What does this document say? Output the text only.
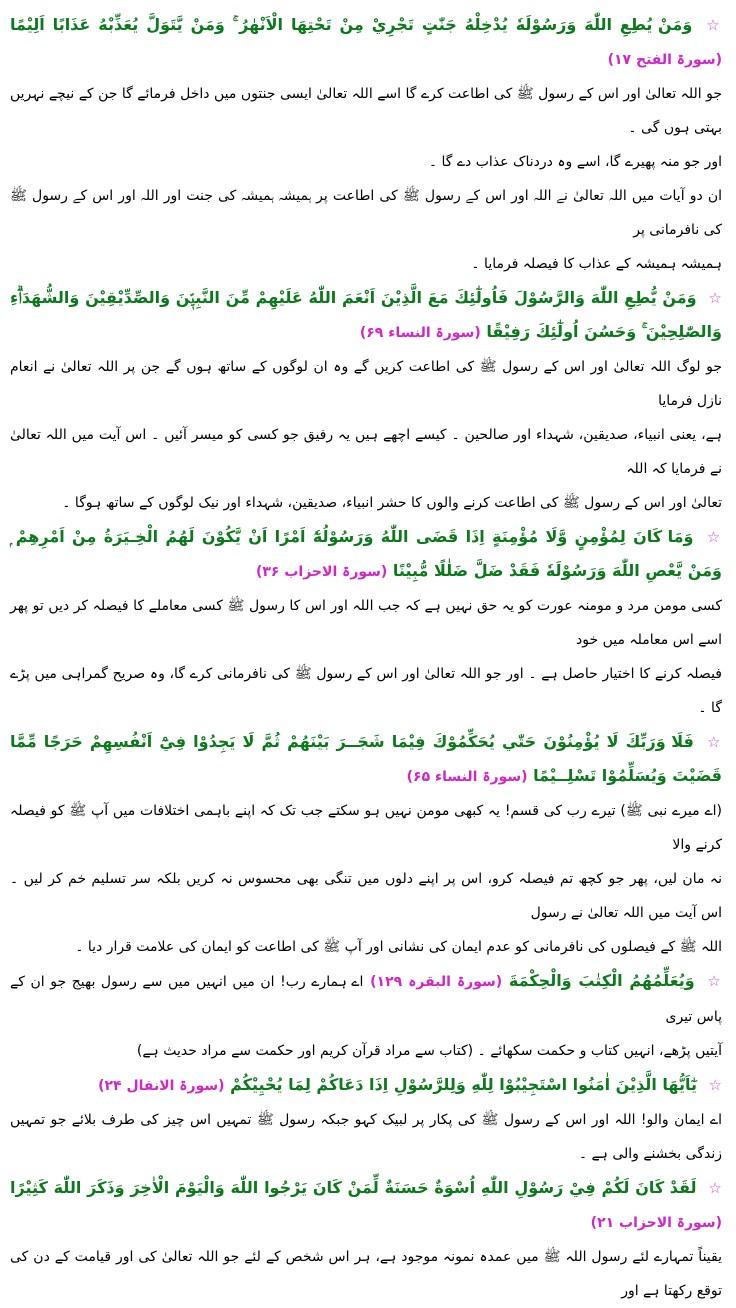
☆ وَمَنْ يُطِعِ اللّٰهَ وَرَسُوْلَهٗ يُدْخِلْهُ جَنّٰتٍ تَجْرِيْ مِنْ تَحْتِهَا الْاَنْهٰرُ ۚ وَمَنْ يَّتَوَلَّ يُعَذِّبْهُ عَذَابًا اَلِيْمًا (سورۃ الفتح ۱۷)

جو اللہ تعالیٰ اور اس کے رسول ﷺ کی اطاعت کرے گا اسے اللہ تعالیٰ ایسی جنتوں میں داخل فرمائے گا جن کے نیچے نہریں بہتی ہوں گی ۔

اور جو منہ پھیرے گا، اسے وہ دردناک عذاب دے گا ۔

ان دو آیات میں اللہ تعالیٰ نے اللہ اور اس کے رسول ﷺ کی اطاعت پر ہمیشہ ہمیشہ کی جنت اور اللہ اور اس کے رسول ﷺ کی نافرمانی پر

ہمیشہ ہمیشہ کے عذاب کا فیصلہ فرمایا ۔

☆ وَمَنْ يُّطِعِ اللّٰهَ وَالرَّسُوْلَ فَاُولٰٓئِكَ مَعَ الَّذِيْنَ اَنْعَمَ اللّٰهُ عَلَيْهِمْ مِّنَ النَّبِيّٖنَ وَالصِّدِّيْقِيْنَ وَالشُّهَدَاۗءِ وَالصّٰلِحِيْنَ ۚ وَحَسُنَ اُولٰٓئِكَ رَفِيْقًا (سورۃ النساء ۶۹)

جو لوگ اللہ تعالیٰ اور اس کے رسول ﷺ کی اطاعت کریں گے وہ ان لوگوں کے ساتھ ہوں گے جن پر اللہ تعالیٰ نے انعام نازل فرمایا

ہے، یعنی انبیاء، صدیقین، شہداء اور صالحین ۔ کیسے اچھے ہیں یہ رفیق جو کسی کو میسر آئیں ۔ اس آیت میں اللہ تعالیٰ نے فرمایا کہ اللہ

تعالیٰ اور اس کے رسول ﷺ کی اطاعت کرنے والوں کا حشر انبیاء، صدیقین، شہداء اور نیک لوگوں کے ساتھ ہوگا ۔

☆ وَمَا كَانَ لِمُؤْمِنٍ وَّلَا مُؤْمِنَةٍ اِذَا قَضَى اللّٰهُ وَرَسُوْلُهٗٓ اَمْرًا اَنْ يَّكُوْنَ لَهُمُ الْخِـيَرَةُ مِنْ اَمْرِهِمْ ۭ وَمَنْ يَّعْصِ اللّٰهَ وَرَسُوْلَهٗ فَقَدْ ضَلَّ ضَلٰلًا مُّبِيْنًا (سورۃ الاحزاب ۳۶)

کسی مومن مرد و مومنہ عورت کو یہ حق نہیں ہے کہ جب اللہ اور اس کا رسول ﷺ کسی معاملے کا فیصلہ کر دیں تو پھر اسے اس معاملہ میں خود

فیصلہ کرنے کا اختیار حاصل ہے ۔ اور جو اللہ تعالیٰ اور اس کے رسول ﷺ کی نافرمانی کرے گا، وہ صریح گمراہی میں پڑے گا ۔

☆ فَلَا وَرَبِّكَ لَا يُؤْمِنُوْنَ حَتّٰي يُحَكِّمُوْكَ فِيْمَا شَجَــرَ بَيْنَھُمْ ثُمَّ لَا يَجِدُوْا فِيْٓ اَنْفُسِهِمْ حَرَجًا مِّمَّا قَضَيْتَ وَيُسَلِّمُوْا تَسْلِــيْمًا (سورۃ النساء ۶۵)

(اے میرے نبی ﷺ) تیرے رب کی قسم! یہ کبھی مومن نہیں ہو سکتے جب تک کہ اپنے باہمی اختلافات میں آپ ﷺ کو فیصلہ کرنے والا

نہ مان لیں، پھر جو کچھ تم فیصلہ کرو، اس پر اپنے دلوں میں تنگی بھی محسوس نہ کریں بلکہ سر تسلیم خم کر لیں ۔ اس آیت میں اللہ تعالیٰ نے رسول

اللہ ﷺ کے فیصلوں کی نافرمانی کو عدم ایمان کی نشانی اور آپ ﷺ کی اطاعت کو ایمان کی علامت قرار دیا ۔

☆ وَيُعَلِّمُهُمُ الْكِتٰبَ وَالْحِكْمَةَ (سورۃ البقرہ ۱۲۹) اے ہمارے رب! ان میں انہیں میں سے رسول بھیج جو ان کے پاس تیری

آیتیں پڑھے، انہیں کتاب و حکمت سکھائے ۔ (کتاب سے مراد قرآن کریم اور حکمت سے مراد حدیث ہے)

☆ يٰٓاَيُّهَا الَّذِيْنَ اٰمَنُوا اسْتَجِيْبُوْا لِلّٰهِ وَلِلرَّسُوْلِ اِذَا دَعَاكُمْ لِمَا يُحْيِيْكُمْ (سورۃ الانفال ۲۴)

اے ایمان والو! اللہ اور اس کے رسول ﷺ کی پکار پر لبیک کہو جبکہ رسول ﷺ تمہیں اس چیز کی طرف بلائے جو تمہیں زندگی بخشنے والی ہے ۔

☆ لَقَدْ كَانَ لَكُمْ فِيْ رَسُوْلِ اللّٰهِ اُسْوَةٌ حَسَنَةٌ لِّمَنْ كَانَ يَرْجُوا اللّٰهَ وَالْيَوْمَ الْاٰخِرَ وَذَكَرَ اللّٰهَ كَثِيْرًا (سورۃ الاحزاب ۲۱)

یقیناً تمہارے لئے رسول اللہ ﷺ میں عمدہ نمونہ موجود ہے، ہر اس شخص کے لئے جو اللہ تعالیٰ کی اور قیامت کے دن کی توقع رکھتا ہے اور
